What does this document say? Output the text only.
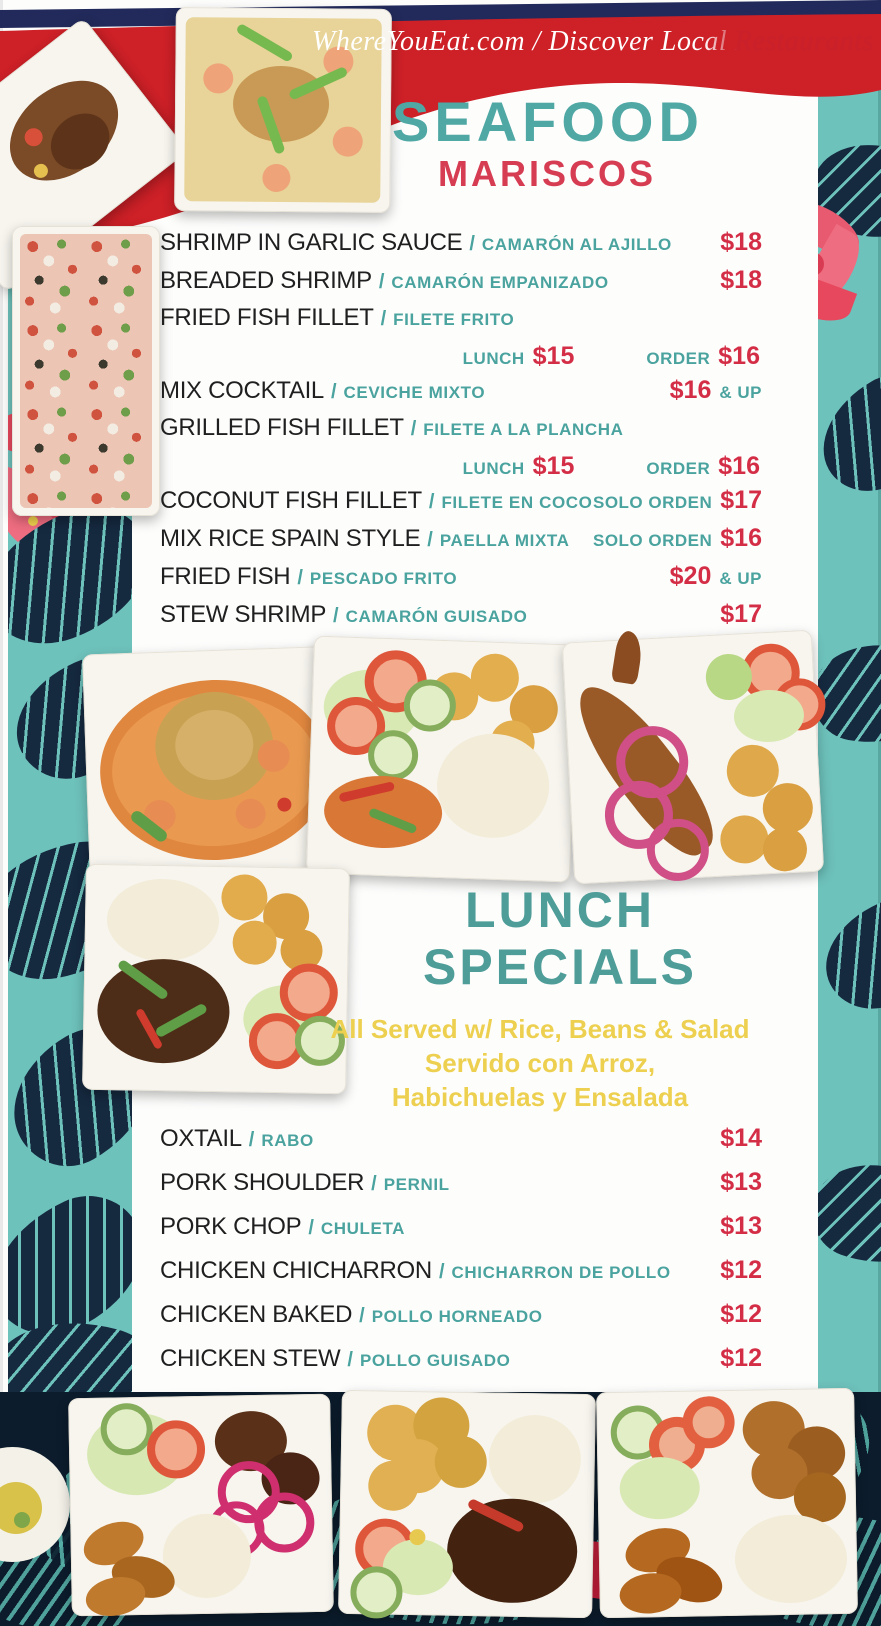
WhereYouEat.com / Discover Local Restaurants
SEAFOOD
MARISCOS
SHRIMP IN GARLIC SAUCE / CAMARÓN AL AJILLO $18
BREADED SHRIMP / CAMARÓN EMPANIZADO	$18
FRIED FISH FILLET / FILETE FRITO
LUNCH $15	ORDER $16
MIX COCKTAIL / CEVICHE MIXTO	$16 & UP
GRILLED FISH FILLET / FILETE A LA PLANCHA
LUNCH $15	ORDER $16
COCONUT FISH FILLET / FILETE EN COCO SOLO ORDEN $17
MIX RICE SPAIN STYLE / PAELLA MIXTA SOLO ORDEN $16
FRIED FISH / PESCADO FRITO	$20 & UP
STEW SHRIMP / CAMARÓN GUISADO	$17
LUNCH
SPECIALS
All Served w/ Rice, Beans & Salad
Servido con Arroz,
Habichuelas y Ensalada
OXTAIL / RABO	$14
PORK SHOULDER / PERNIL	$13
PORK CHOP / CHULETA	$13
CHICKEN CHICHARRON / CHICHARRON DE POLLO $12
CHICKEN BAKED / POLLO HORNEADO	$12
CHICKEN STEW / POLLO GUISADO	$12
